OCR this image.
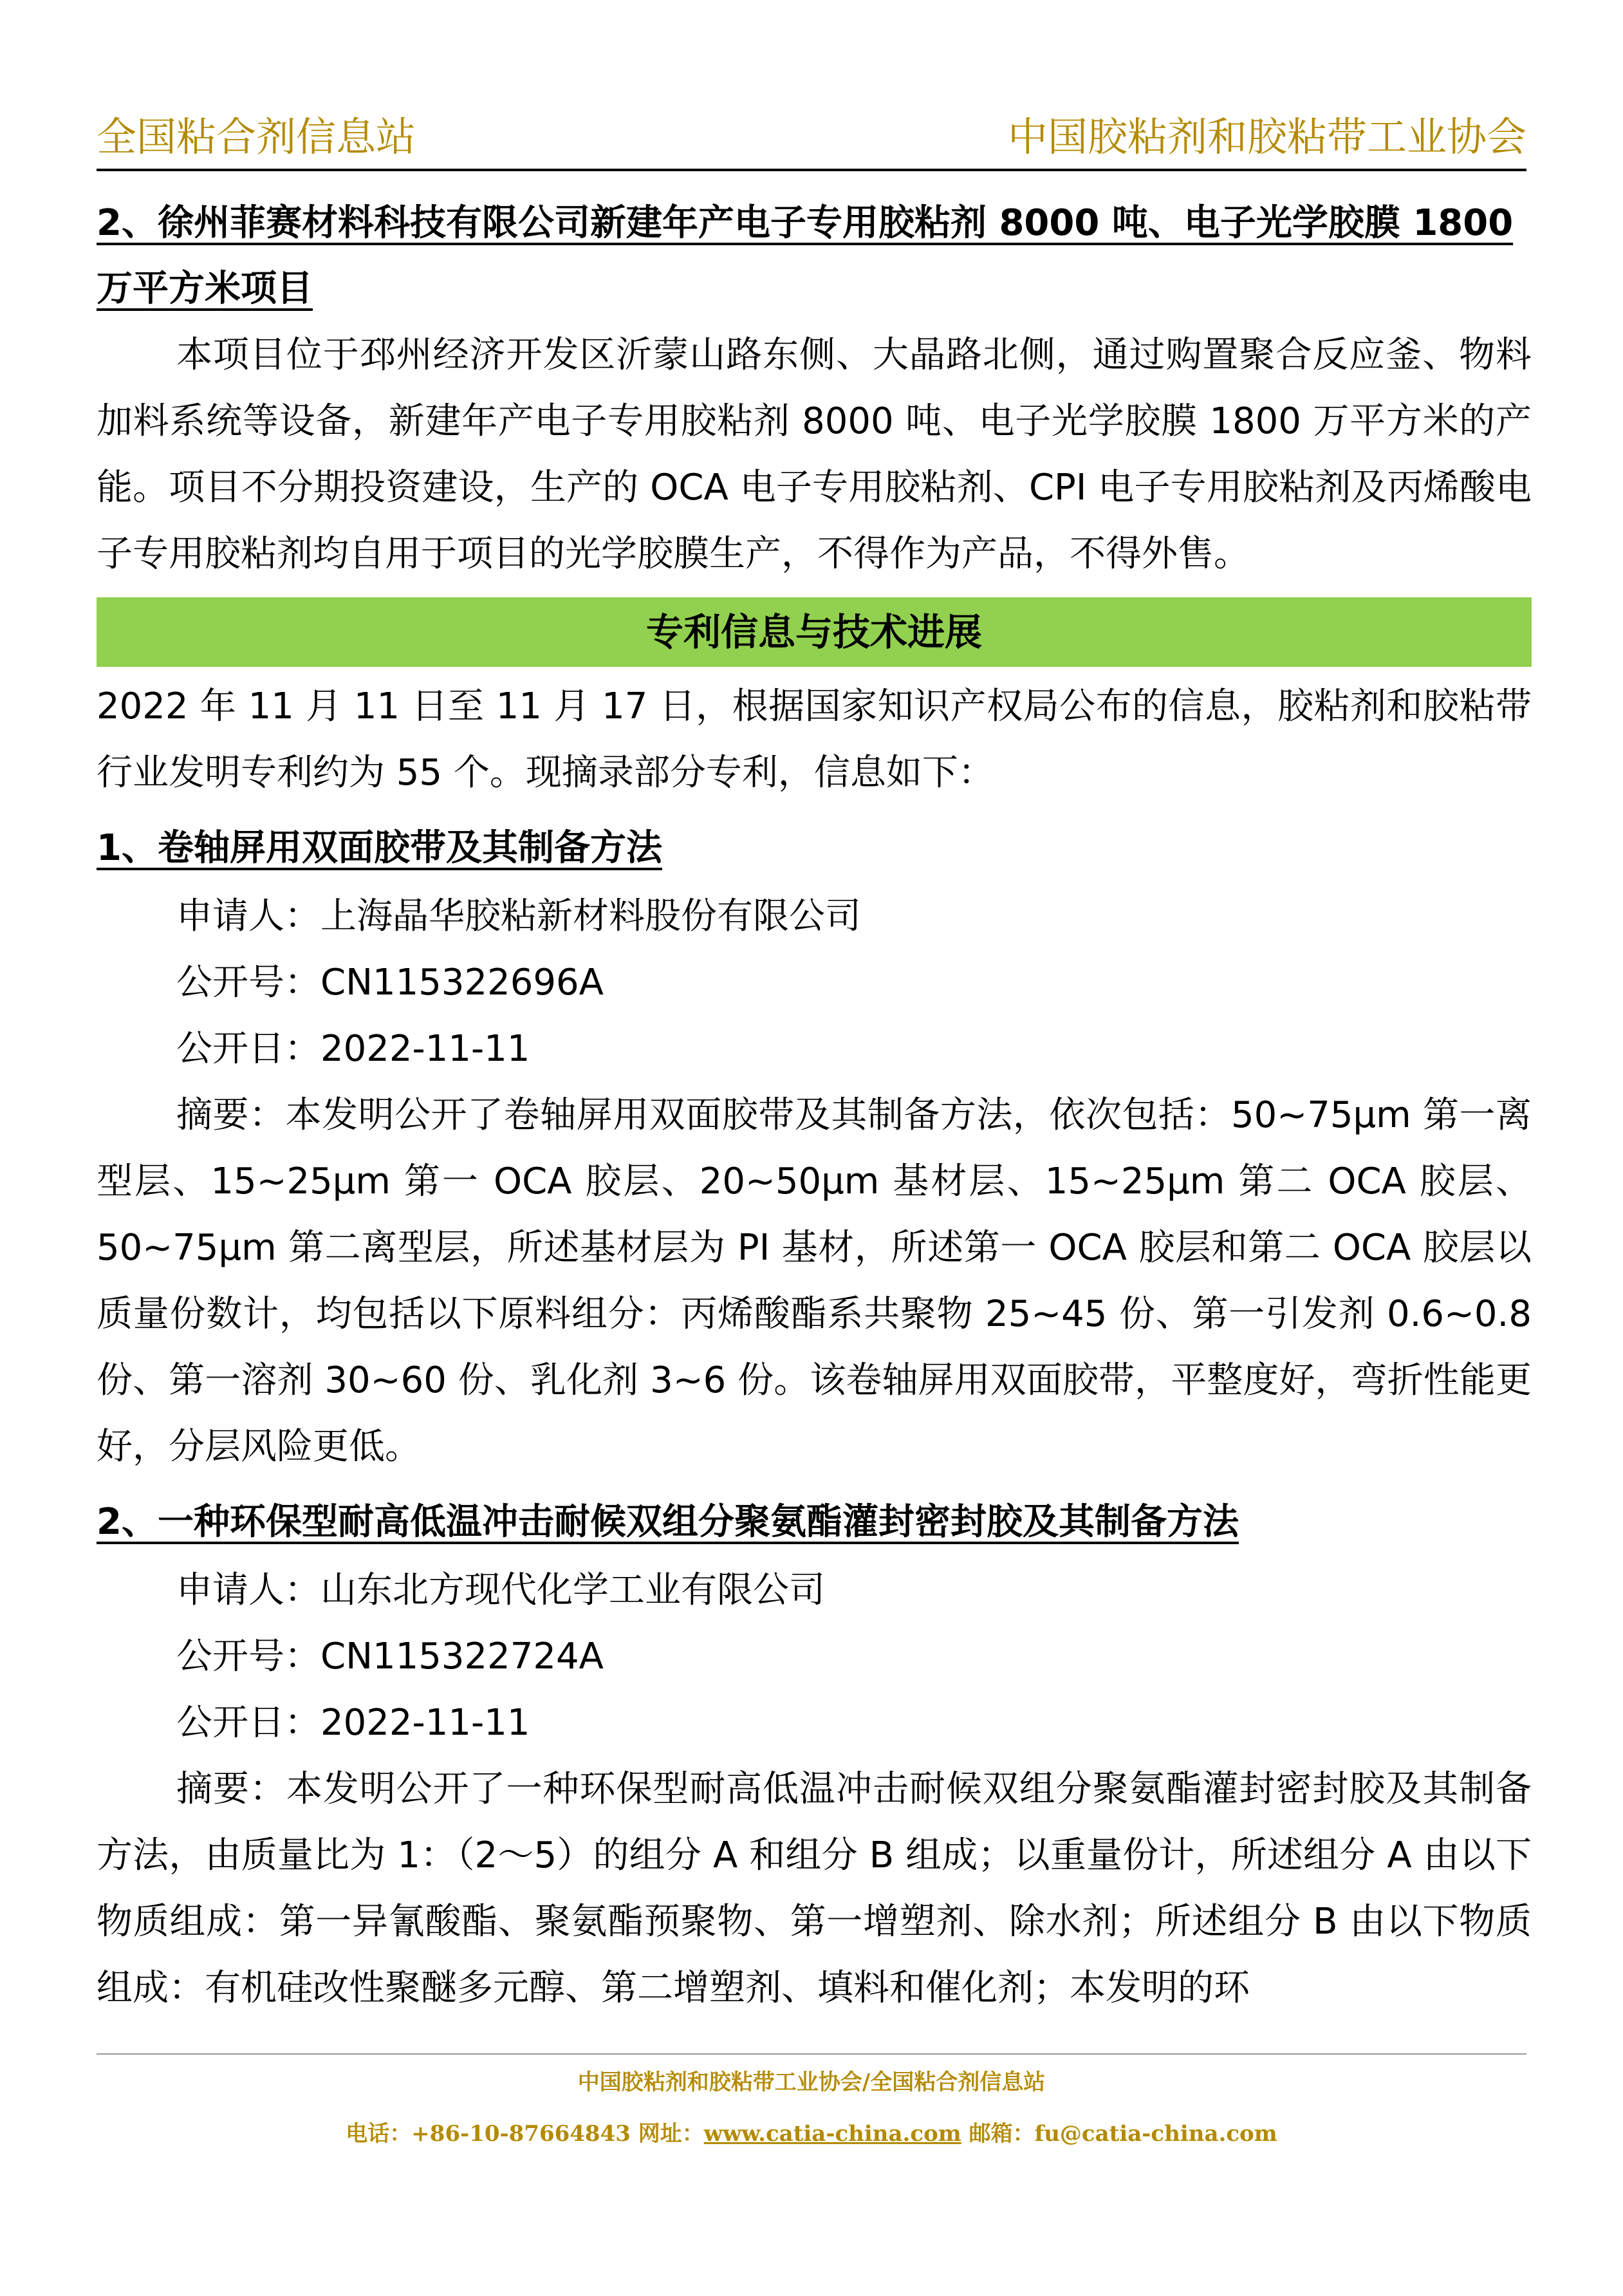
全国粘合剂信息站	中国胶粘剂和胶粘带工业协会

2、徐州菲赛材料科技有限公司新建年产电子专用胶粘剂 8000 吨、电子光学胶膜 1800 万平方米项目

本项目位于邳州经济开发区沂蒙山路东侧、大晶路北侧，通过购置聚合反应釜、物料加料系统等设备，新建年产电子专用胶粘剂 8000 吨、电子光学胶膜 1800 万平方米的产能。项目不分期投资建设，生产的 OCA 电子专用胶粘剂、CPI 电子专用胶粘剂及丙烯酸电子专用胶粘剂均自用于项目的光学胶膜生产，不得作为产品，不得外售。

专利信息与技术进展

2022 年 11 月 11 日至 11 月 17 日，根据国家知识产权局公布的信息，胶粘剂和胶粘带行业发明专利约为 55 个。现摘录部分专利，信息如下：

1、卷轴屏用双面胶带及其制备方法

申请人：上海晶华胶粘新材料股份有限公司

公开号：CN115322696A

公开日：2022-11-11

摘要：本发明公开了卷轴屏用双面胶带及其制备方法，依次包括：50~75μm 第一离型层、15~25μm 第一 OCA 胶层、20~50μm 基材层、15~25μm 第二 OCA 胶层、50~75μm 第二离型层，所述基材层为 PI 基材，所述第一 OCA 胶层和第二 OCA 胶层以质量份数计，均包括以下原料组分：丙烯酸酯系共聚物 25~45 份、第一引发剂 0.6~0.8 份、第一溶剂 30~60 份、乳化剂 3~6 份。该卷轴屏用双面胶带，平整度好，弯折性能更好，分层风险更低。

2、一种环保型耐高低温冲击耐候双组分聚氨酯灌封密封胶及其制备方法

申请人：山东北方现代化学工业有限公司

公开号：CN115322724A

公开日：2022-11-11

摘要：本发明公开了一种环保型耐高低温冲击耐候双组分聚氨酯灌封密封胶及其制备方法，由质量比为 1：（2～5）的组分 A 和组分 B 组成；以重量份计，所述组分 A 由以下物质组成：第一异氰酸酯、聚氨酯预聚物、第一增塑剂、除水剂；所述组分 B 由以下物质组成：有机硅改性聚醚多元醇、第二增塑剂、填料和催化剂；本发明的环

中国胶粘剂和胶粘带工业协会/全国粘合剂信息站
电话：+86-10-87664843 网址：www.catia-china.com 邮箱：fu@catia-china.com
